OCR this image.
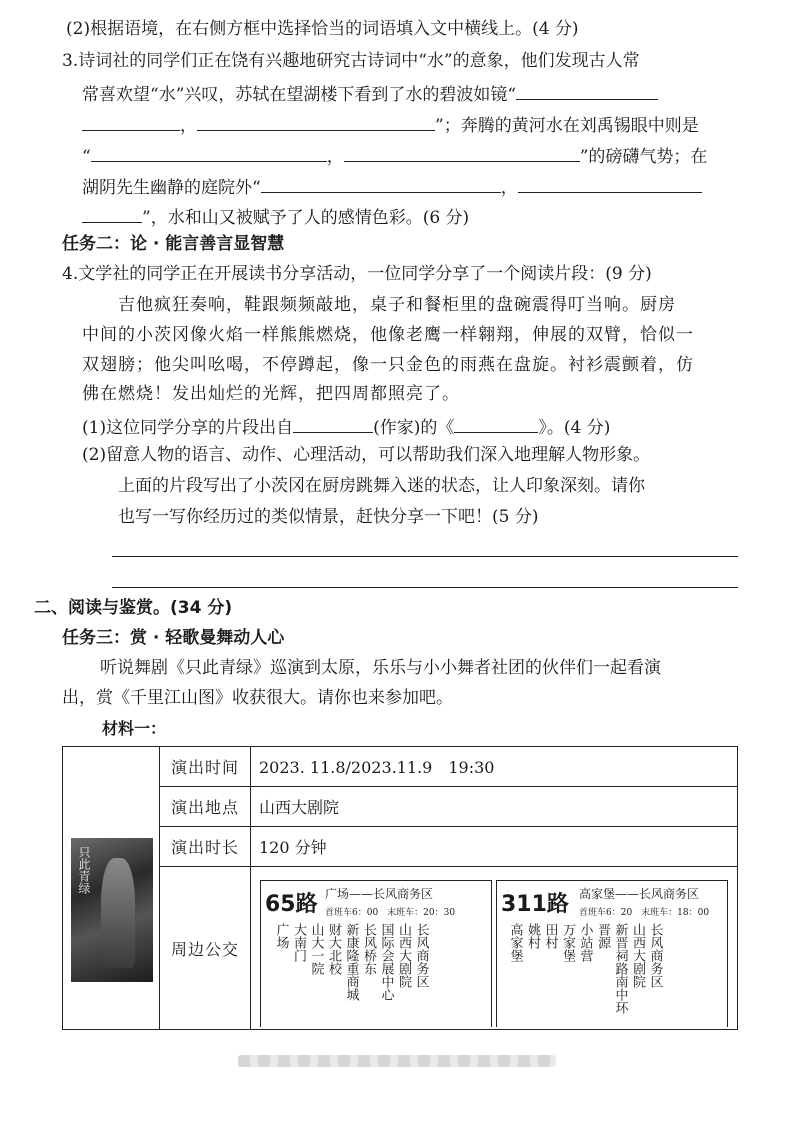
(2)根据语境，在右侧方框中选择恰当的词语填入文中横线上。(4 分)
3.诗词社的同学们正在饶有兴趣地研究古诗词中“水”的意象，他们发现古人常
常喜欢望“水”兴叹，苏轼在望湖楼下看到了水的碧波如镜“
，	”；奔腾的黄河水在刘禹锡眼中则是
“	，	”的磅礴气势；在
湖阴先生幽静的庭院外“	，
”，水和山又被赋予了人的感情色彩。(6 分)
任务二：论 · 能言善言显智慧
4.文学社的同学正在开展读书分享活动，一位同学分享了一个阅读片段：(9 分)
吉他疯狂奏响，鞋跟频频敲地，桌子和餐柜里的盘碗震得叮当响。厨房
中间的小茨冈像火焰一样熊熊燃烧，他像老鹰一样翱翔，伸展的双臂，恰似一
双翅膀；他尖叫吆喝，不停蹲起，像一只金色的雨燕在盘旋。衬衫震颤着，仿
佛在燃烧！发出灿烂的光辉，把四周都照亮了。
(1)这位同学分享的片段出自	(作家)的《	》。(4 分)
(2)留意人物的语言、动作、心理活动，可以帮助我们深入地理解人物形象。
上面的片段写出了小茨冈在厨房跳舞入迷的状态，让人印象深刻。请你
也写一写你经历过的类似情景，赶快分享一下吧！(5 分)
二、阅读与鉴赏。(34 分)
任务三：赏 · 轻歌曼舞动人心
听说舞剧《只此青绿》巡演到太原，乐乐与小小舞者社团的伙伴们一起看演
出，赏《千里江山图》收获很大。请你也来参加吧。
材料一：
	演出时间	2023. 11.8/2023.11.9　19:30
	演出地点	山西大剧院
	演出时长	120 分钟
	周边公交	
只此青绿
65路 广场——长风商务区
首班车6：00　末班车：20：30
广场 大南门 山大一院 财大北校 新康隆重商城 长风桥东 国际会展中心 山西大剧院 长风商务区
311路 高家堡——长风商务区
首班车6：20　末班车：18：00
高家堡 姚村 田村 万家堡 小站营 晋源 新晋祠路南中环 山西大剧院 长风商务区
